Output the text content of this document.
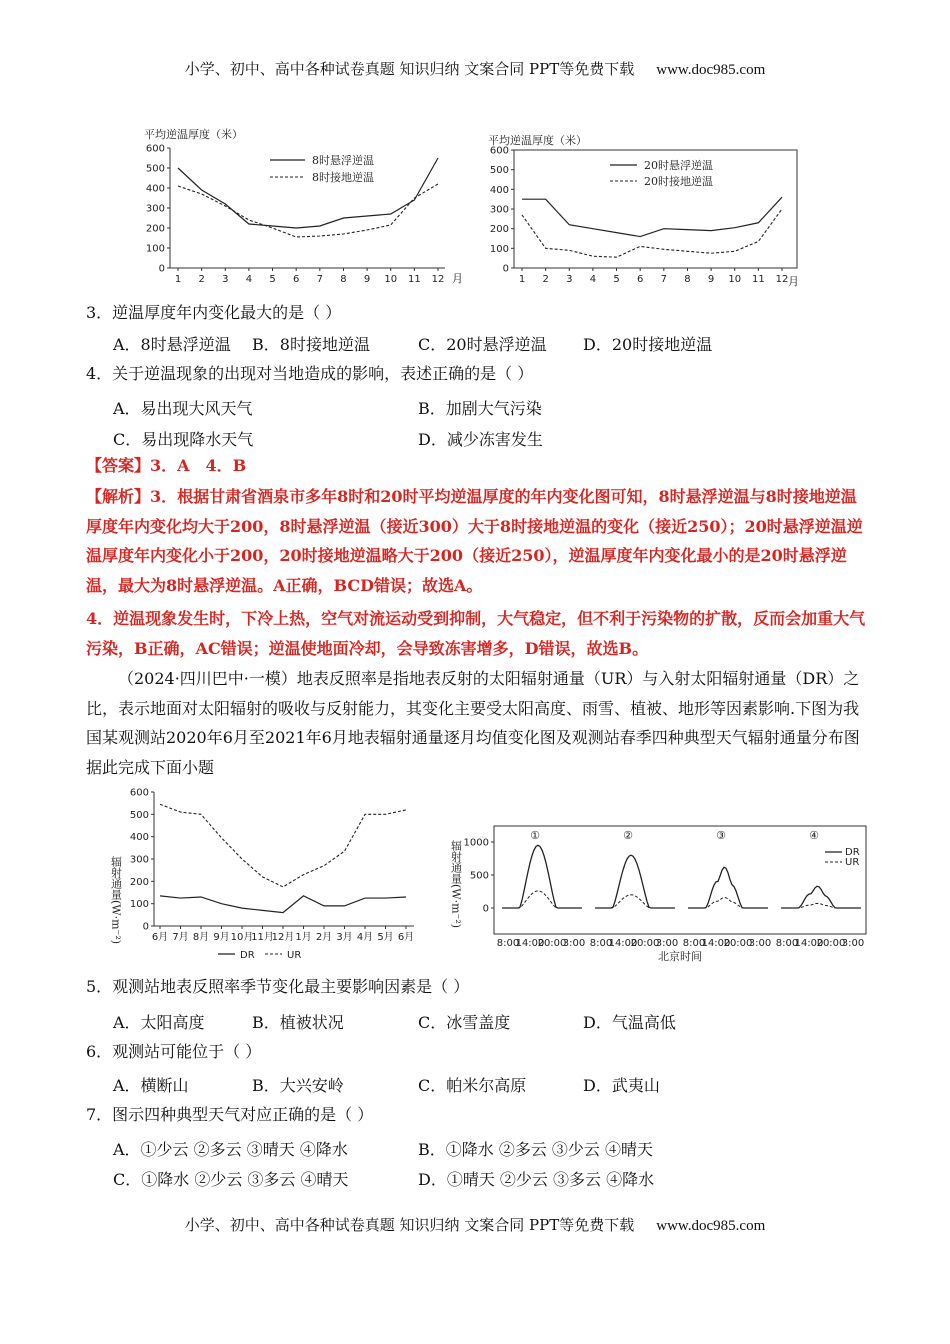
小学、初中、高中各种试卷真题 知识归纳 文案合同 PPT等免费下载 www.doc985.com
0
100
200
300
400
500
600
1 2 3 4 5 6 7 8 9 10 11 12
平均逆温厚度（米）
月
8时悬浮逆温
8时接地逆温
0
100
200
300
400
500
600
1 2 3 4 5 6 7 8 9 10 11 12
平均逆温厚度（米）
月
20时悬浮逆温
20时接地逆温
3．逆温厚度年内变化最大的是（ ）
A．8时悬浮逆温 B．8时接地逆温	C．20时悬浮逆温 D．20时接地逆温
4．关于逆温现象的出现对当地造成的影响，表述正确的是（ ）
A．易出现大风天气	B．加剧大气污染
C．易出现降水天气	D．减少冻害发生
【答案】3．A　4．B
【解析】3．根据甘肃省酒泉市多年8时和20时平均逆温厚度的年内变化图可知，8时悬浮逆温与8时接地逆温厚度年内变化均大于200，8时悬浮逆温（接近300）大于8时接地逆温的变化（接近250）；20时悬浮逆温逆温厚度年内变化小于200，20时接地逆温略大于200（接近250），逆温厚度年内变化最小的是20时悬浮逆温，最大为8时悬浮逆温。A正确，BCD错误；故选A。
4．逆温现象发生时，下冷上热，空气对流运动受到抑制，大气稳定，但不利于污染物的扩散，反而会加重大气污染，B正确，AC错误；逆温使地面冷却，会导致冻害增多，D错误，故选B。
（2024·四川巴中·一模）地表反照率是指地表反射的太阳辐射通量（UR）与入射太阳辐射通量（DR）之比，表示地面对太阳辐射的吸收与反射能力，其变化主要受太阳高度、雨雪、植被、地形等因素影响.下图为我国某观测站2020年6月至2021年6月地表辐射通量逐月均值变化图及观测站春季四种典型天气辐射通量分布图据此完成下面小题
0
100
200
300
400
500
600
6月 7月 8月 9月 10月
11月
12月 1月 2月 3月 4月 5月 6月
辐射通量(W·m⁻²)
DR	UR
辐射通量(W·m⁻²) 0
500
1000
①
8:00
14:00
20:00
3:00
②
8:00
14:00
20:00
3:00
③
8:00
14:00
20:00
3:00
④
8:00
14:00
20:00
3:00
DR
UR
北京时间
5．观测站地表反照率季节变化最主要影响因素是（ ）
A．太阳高度	B．植被状况	C．冰雪盖度	D．气温高低
6．观测站可能位于（ ）
A．横断山	B．大兴安岭	C．帕米尔高原	D．武夷山
7．图示四种典型天气对应正确的是（ ）
A．①少云 ②多云 ③晴天 ④降水	B．①降水 ②多云 ③少云 ④晴天
C．①降水 ②少云 ③多云 ④晴天	D．①晴天 ②少云 ③多云 ④降水
小学、初中、高中各种试卷真题 知识归纳 文案合同 PPT等免费下载 www.doc985.com
